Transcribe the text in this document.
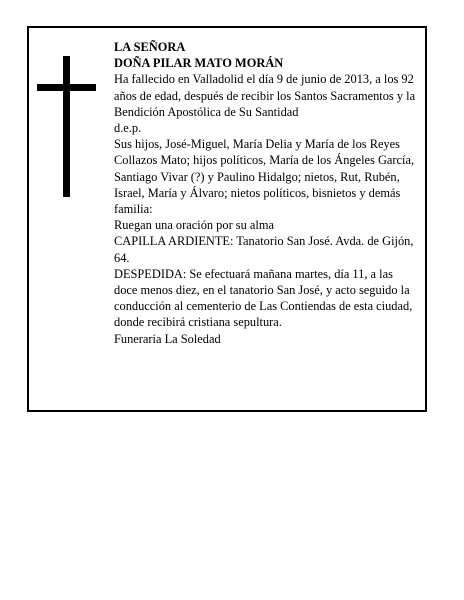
LA SEÑORA

DOÑA PILAR MATO MORÁN

Ha fallecido en Valladolid el día 9 de junio de 2013, a los 92 años de edad, después de recibir los Santos Sacramentos y la Bendición Apostólica de Su Santidad

d.e.p.

Sus hijos, José-Miguel, María Delia y María de los Reyes Collazos Mato; hijos políticos, María de los Ángeles García, Santiago Vivar (?) y Paulino Hidalgo; nietos, Rut, Rubén, Israel, María y Álvaro; nietos políticos, bisnietos y demás familia:

Ruegan una oración por su alma

CAPILLA ARDIENTE: Tanatorio San José. Avda. de Gijón, 64.

DESPEDIDA: Se efectuará mañana martes, día 11, a las doce menos diez, en el tanatorio San José, y acto seguido la conducción al cementerio de Las Contiendas de esta ciudad, donde recibirá cristiana sepultura.

Funeraria La Soledad
